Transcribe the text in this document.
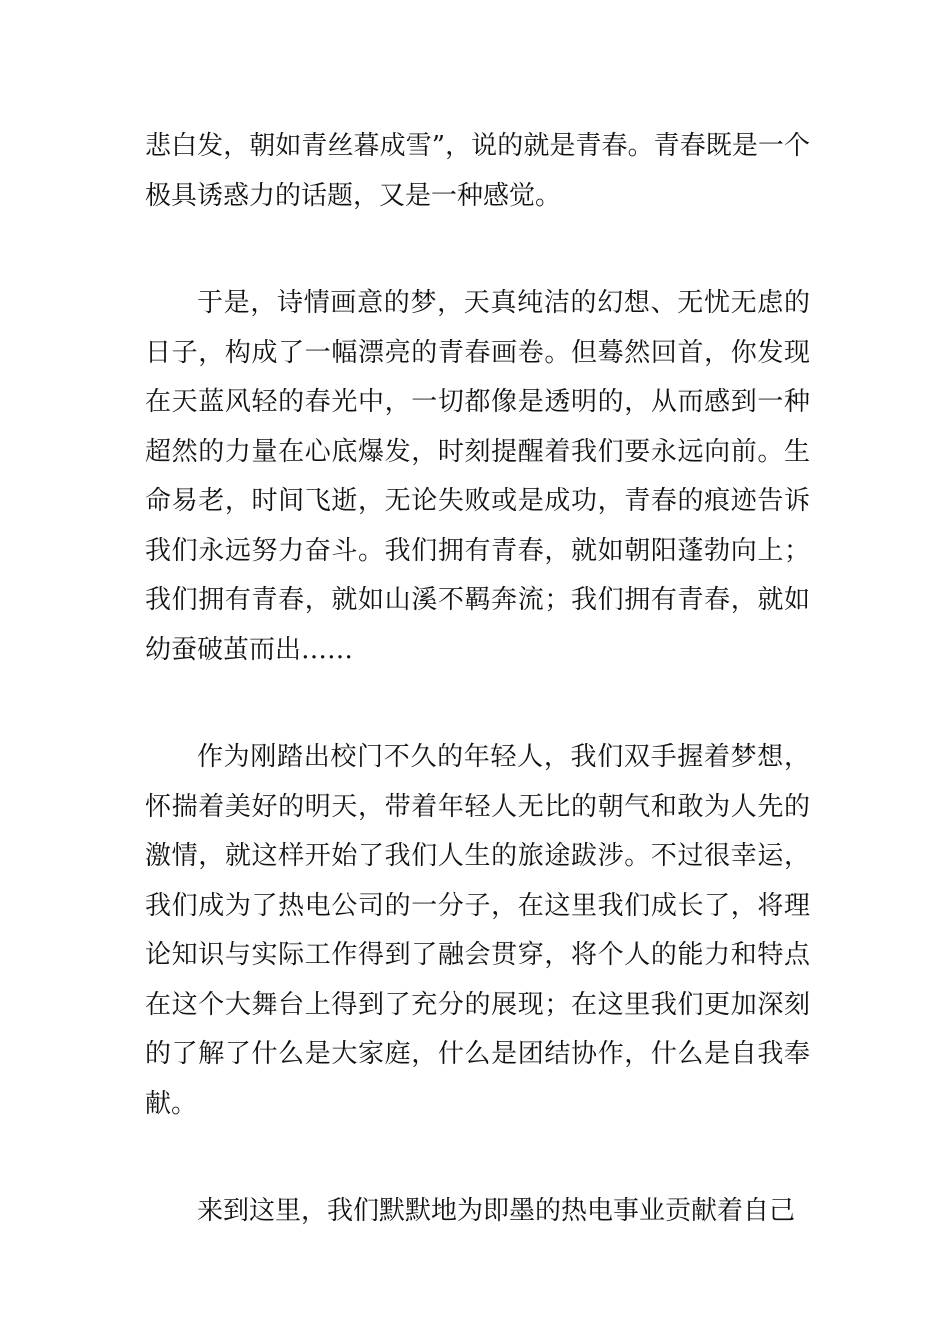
悲白发，朝如青丝暮成雪”，说的就是青春。青春既是一个极具诱惑力的话题，又是一种感觉。

于是，诗情画意的梦，天真纯洁的幻想、无忧无虑的日子，构成了一幅漂亮的青春画卷。但蓦然回首，你发现在天蓝风轻的春光中，一切都像是透明的，从而感到一种超然的力量在心底爆发，时刻提醒着我们要永远向前。生命易老，时间飞逝，无论失败或是成功，青春的痕迹告诉我们永远努力奋斗。我们拥有青春，就如朝阳蓬勃向上；我们拥有青春，就如山溪不羁奔流；我们拥有青春，就如幼蚕破茧而出……

作为刚踏出校门不久的年轻人，我们双手握着梦想，怀揣着美好的明天，带着年轻人无比的朝气和敢为人先的激情，就这样开始了我们人生的旅途跋涉。不过很幸运，我们成为了热电公司的一分子，在这里我们成长了，将理论知识与实际工作得到了融会贯穿，将个人的能力和特点在这个大舞台上得到了充分的展现；在这里我们更加深刻的了解了什么是大家庭，什么是团结协作，什么是自我奉献。

来到这里，我们默默地为即墨的热电事业贡献着自己
